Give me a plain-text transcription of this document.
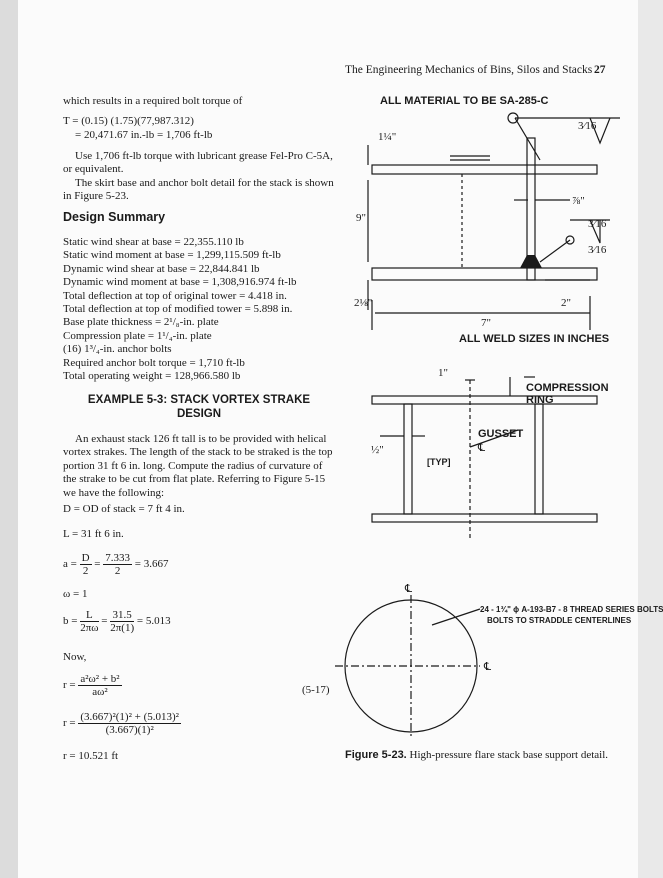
The Engineering Mechanics of Bins, Silos and Stacks 27
which results in a required bolt torque of
T = (0.15) (1.75)(77,987.312)
= 20,471.67 in.-lb = 1,706 ft-lb
Use 1,706 ft-lb torque with lubricant grease Fel-Pro C-5A, or equivalent.
The skirt base and anchor bolt detail for the stack is shown in Figure 5-23.
Design Summary
Static wind shear at base = 22,355.110 lb
Static wind moment at base = 1,299,115.509 ft-lb
Dynamic wind shear at base = 22,844.841 lb
Dynamic wind moment at base = 1,308,916.974 ft-lb
Total deflection at top of original tower = 4.418 in.
Total deflection at top of modified tower = 5.898 in.
Base plate thickness = 2¹/₈-in. plate
Compression plate = 1¹/₄-in. plate
(16) 1³/₄-in. anchor bolts
Required anchor bolt torque = 1,710 ft-lb
Total operating weight = 128,966.580 lb
EXAMPLE 5-3: STACK VORTEX STRAKE
DESIGN
An exhaust stack 126 ft tall is to be provided with helical vortex strakes. The length of the stack to be straked is the top portion 31 ft 6 in. long. Compute the radius of curvature of the strake to be cut from flat plate. Referring to Figure 5-15 we have the following:
D = OD of stack = 7 ft 4 in.
L = 31 ft 6 in.
$a = \frac{D}{2} = \frac{7.333}{2} = 3.667$
ω = 1
$b = \frac{L}{2\pi\omega} = \frac{31.5}{2\pi(1)} = 5.013$
Now,
$r = \frac{\text{a²ω² + b²}}{\text{aω²}}$	(5-17)
$r = \frac{\text{(3.667)²(1)² + (5.013)²}}{\text{(3.667)(1)²}}$
r = 10.521 ft
ALL MATERIAL TO BE SA-285-C
1¼"
3⁄16
9"
⅞"
3⁄16
3⁄16
2⅛"	2"
7"
ALL WELD SIZES IN INCHES
1"
COMPRESSION RING
GUSSET
℄
½"
[TYP]
℄
℄
24 - 1¾" ϕ A-193-B7 - 8 THREAD SERIES BOLTS
BOLTS TO STRADDLE CENTERLINES
Figure 5-23. High-pressure flare stack base support detail.
